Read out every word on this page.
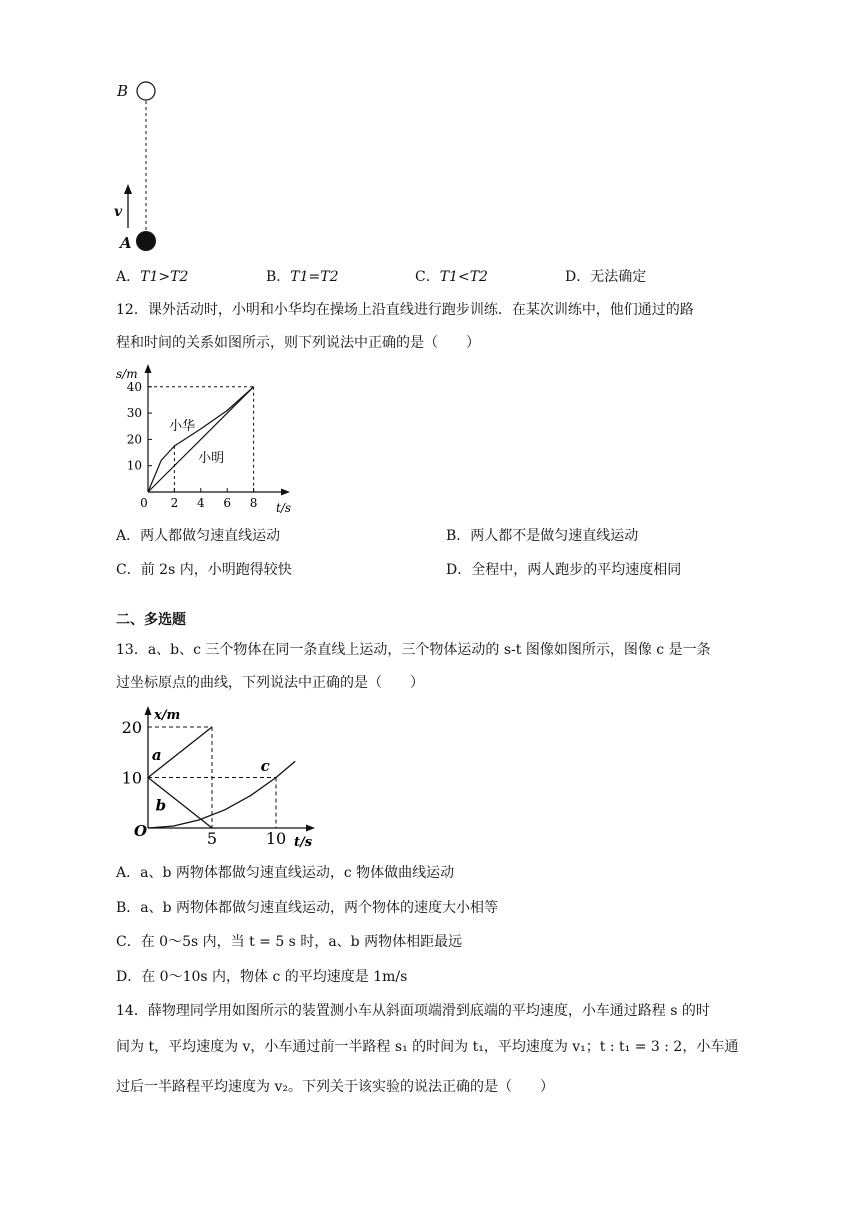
B
v
A
A．T1>T2	B．T1=T2	C．T1<T2	D．无法确定
12．课外活动时，小明和小华均在操场上沿直线进行跑步训练．在某次训练中，他们通过的路
程和时间的关系如图所示，则下列说法中正确的是（　　）
s/m
t/s
10
20
30
40
0 2 4 6 8
小华
小明
A．两人都做匀速直线运动	B．两人都不是做匀速直线运动
C．前 2s 内，小明跑得较快	D．全程中，两人跑步的平均速度相同
二、多选题
13．a、b、c 三个物体在同一条直线上运动，三个物体运动的 s-t 图像如图所示，图像 c 是一条
过坐标原点的曲线，下列说法中正确的是（　　）
x/m
t/s
O
10
20
5	10
a
b
c
A．a、b 两物体都做匀速直线运动，c 物体做曲线运动
B．a、b 两物体都做匀速直线运动，两个物体的速度大小相等
C．在 0～5s 内，当 t = 5 s 时，a、b 两物体相距最远
D．在 0～10s 内，物体 c 的平均速度是 1m/s
14．薛物理同学用如图所示的装置测小车从斜面项端滑到底端的平均速度，小车通过路程 s 的时
间为 t，平均速度为 v，小车通过前一半路程 s₁ 的时间为 t₁，平均速度为 v₁；t : t₁ = 3 : 2，小车通
过后一半路程平均速度为 v₂。下列关于该实验的说法正确的是（　　）
